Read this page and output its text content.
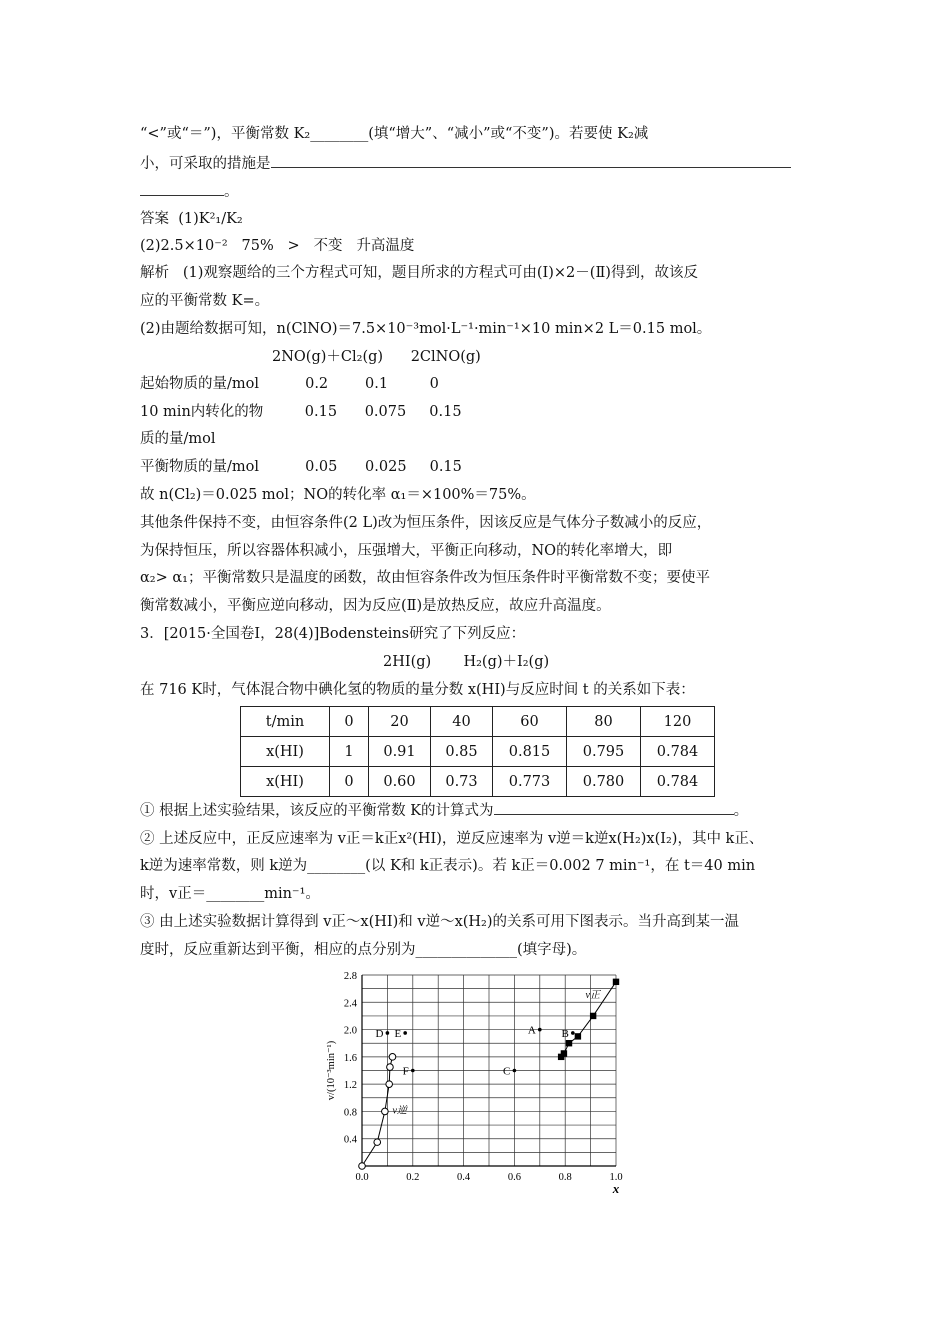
“<”或“＝”)，平衡常数 K₂________(填“增大”、“减小”或“不变”)。若要使 K₂减
小，可采取的措施是
。
答案 (1)K²₁/K₂
(2)2.5×10⁻²   75%   >   不变   升高温度
解析   (1)观察题给的三个方程式可知，题目所求的方程式可由(Ⅰ)×2－(Ⅱ)得到，故该反
应的平衡常数 K=。
(2)由题给数据可知，n(ClNO)＝7.5×10⁻³mol·L⁻¹·min⁻¹×10 min×2 L＝0.15 mol。
2NO(g)＋Cl₂(g)      2ClNO(g)
起始物质的量/mol          0.2        0.1         0
10 min内转化的物         0.15      0.075     0.15
质的量/mol
平衡物质的量/mol          0.05      0.025     0.15
故 n(Cl₂)＝0.025 mol；NO的转化率 α₁＝×100%＝75%。
其他条件保持不变，由恒容条件(2 L)改为恒压条件，因该反应是气体分子数减小的反应，
为保持恒压，所以容器体积减小，压强增大，平衡正向移动，NO的转化率增大，即
α₂> α₁；平衡常数只是温度的函数，故由恒容条件改为恒压条件时平衡常数不变；要使平
衡常数减小，平衡应逆向移动，因为反应(Ⅱ)是放热反应，故应升高温度。
3．[2015·全国卷Ⅰ，28(4)]Bodensteins研究了下列反应：
2HI(g)       H₂(g)＋I₂(g)
在 716 K时，气体混合物中碘化氢的物质的量分数 x(HI)与反应时间 t 的关系如下表：
t/min	0	20	40	60	80	120
x(HI)	1	0.91	0.85	0.815	0.795	0.784
x(HI)	0	0.60	0.73	0.773	0.780	0.784
① 根据上述实验结果，该反应的平衡常数 K的计算式为	。
② 上述反应中，正反应速率为 v正＝k正x²(HI)，逆反应速率为 v逆＝k逆x(H₂)x(I₂)，其中 k正、
k逆为速率常数，则 k逆为________(以 K和 k正表示)。若 k正＝0.002 7 min⁻¹，在 t＝40 min
时，v正＝________min⁻¹。
③ 由上述实验数据计算得到 v正～x(HI)和 v逆～x(H₂)的关系可用下图表示。当升高到某一温
度时，反应重新达到平衡，相应的点分别为______________(填字母)。
0.0	0.2	0.4	0.6	0.8	1.0
0.4
0.8
1.2
1.6
2.0
2.4
2.8
x
v/(10⁻³min⁻¹)
v正
v逆
A B
C
D E
F
